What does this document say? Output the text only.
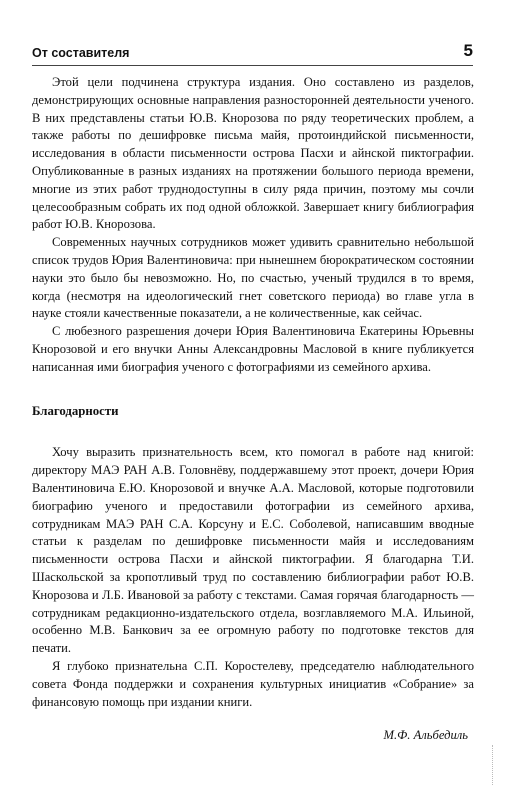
От составителя	5

Этой цели подчинена структура издания. Оно составлено из разделов, демонстрирующих основные направления разносторонней деятельности ученого. В них представлены статьи Ю.В. Кнорозова по ряду теоретических проблем, а также работы по дешифровке письма майя, протоиндийской письменности, исследования в области письменности острова Пасхи и айнской пиктографии. Опубликованные в разных изданиях на протяжении большого периода времени, многие из этих работ труднодоступны в силу ряда причин, поэтому мы сочли целесообразным собрать их под одной обложкой. Завершает книгу библиография работ Ю.В. Кнорозова.

Современных научных сотрудников может удивить сравнительно небольшой список трудов Юрия Валентиновича: при нынешнем бюрократическом состоянии науки это было бы невозможно. Но, по счастью, ученый трудился в то время, когда (несмотря на идеологический гнет советского периода) во главе угла в науке стояли качественные показатели, а не количественные, как сейчас.

С любезного разрешения дочери Юрия Валентиновича Екатерины Юрьевны Кнорозовой и его внучки Анны Александровны Масловой в книге публикуется написанная ими биография ученого с фотографиями из семейного архива.

Благодарности

Хочу выразить признательность всем, кто помогал в работе над книгой: директору МАЭ РАН А.В. Головнёву, поддержавшему этот проект, дочери Юрия Валентиновича Е.Ю. Кнорозовой и внучке А.А. Масловой, которые подготовили биографию ученого и предоставили фотографии из семейного архива, сотрудникам МАЭ РАН С.А. Корсуну и Е.С. Соболевой, написавшим вводные статьи к разделам по дешифровке письменности майя и исследованиям письменности острова Пасхи и айнской пиктографии. Я благодарна Т.И. Шаскольской за кропотливый труд по составлению библиографии работ Ю.В. Кнорозова и Л.Б. Ивановой за работу с текстами. Самая горячая благодарность — сотрудникам редакционно-издательского отдела, возглавляемого М.А. Ильиной, особенно М.В. Банкович за ее огромную работу по подготовке текстов для печати.

Я глубоко признательна С.П. Коростелеву, председателю наблюдательного совета Фонда поддержки и сохранения культурных инициатив «Собрание» за финансовую помощь при издании книги.

М.Ф. Альбедиль
